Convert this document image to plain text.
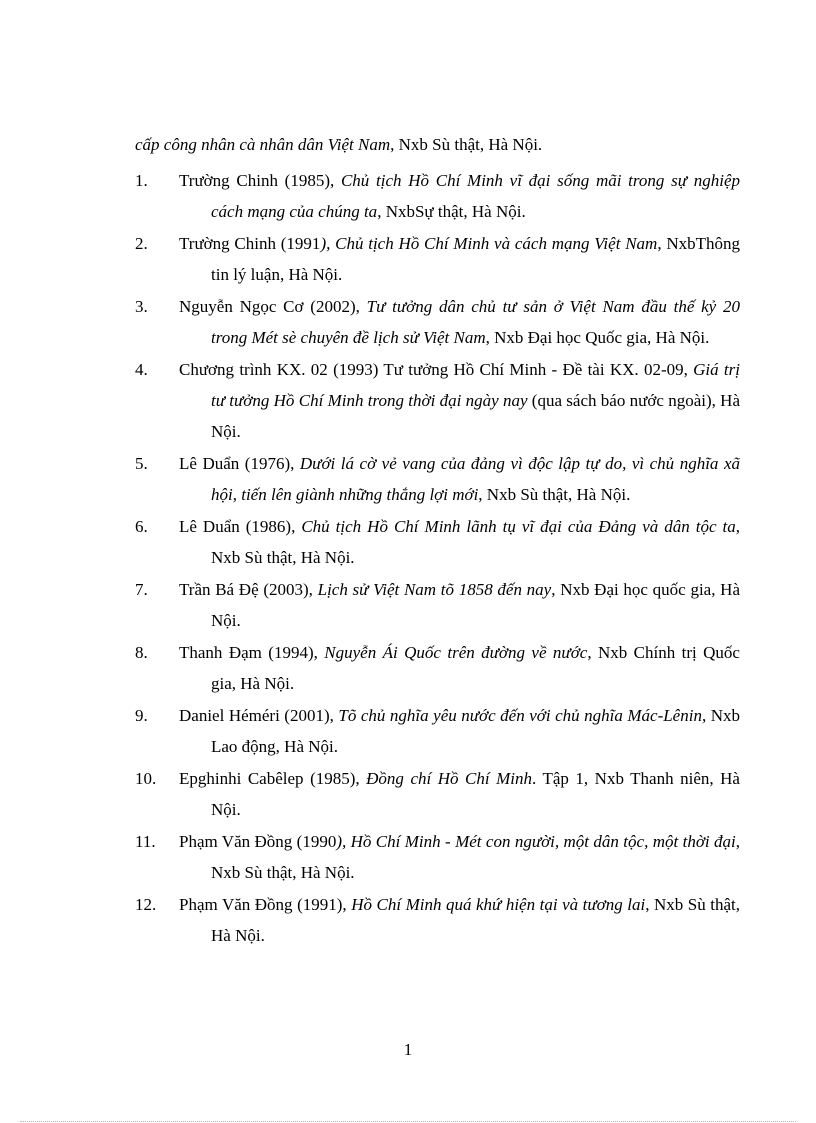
cấp công nhân cà nhân dân Việt Nam, Nxb Sù thật, Hà Nội.
1.	Trường Chinh (1985), Chủ tịch Hồ Chí Minh vĩ đại sống mãi trong sự nghiệp cách mạng của chúng ta, NxbSự thật, Hà Nội.
2.	Trường Chinh (1991), Chủ tịch Hồ Chí Minh và cách mạng Việt Nam, NxbThông tin lý luận, Hà Nội.
3.	Nguyễn Ngọc Cơ (2002), Tư tưởng dân chủ tư sản ở Việt Nam đầu thế kỷ 20 trong Mét sè chuyên đề lịch sử Việt Nam, Nxb Đại học Quốc gia, Hà Nội.
4.	Chương trình KX. 02 (1993) Tư tưởng Hồ Chí Minh - Đề tài KX. 02-09, Giá trị tư tưởng Hồ Chí Minh trong thời đại ngày nay (qua sách báo nước ngoài), Hà Nội.
5.	Lê Duẩn (1976), Dưới lá cờ vẻ vang của đảng vì độc lập tự do, vì chủ nghĩa xã hội, tiến lên giành những thắng lợi mới, Nxb Sù thật, Hà Nội.
6.	Lê Duẩn (1986), Chủ tịch Hồ Chí Minh lãnh tụ vĩ đại của Đảng và dân tộc ta, Nxb Sù thật, Hà Nội.
7.	Trần Bá Đệ (2003), Lịch sử Việt Nam tõ 1858 đến nay, Nxb Đại học quốc gia, Hà Nội.
8.	Thanh Đạm (1994), Nguyễn Ái Quốc trên đường về nước, Nxb Chính trị Quốc gia, Hà Nội.
9.	Daniel Héméri (2001), Tõ chủ nghĩa yêu nước đến với chủ nghĩa Mác-Lênin, Nxb Lao động, Hà Nội.
10.	Epghinhi Cabêlep (1985), Đồng chí Hồ Chí Minh. Tập 1, Nxb Thanh niên, Hà Nội.
11.	Phạm Văn Đồng (1990), Hồ Chí Minh - Mét con người, một dân tộc, một thời đại, Nxb Sù thật, Hà Nội.
12.	Phạm Văn Đồng (1991), Hồ Chí Minh quá khứ hiện tại và tương lai, Nxb Sù thật, Hà Nội.
1
